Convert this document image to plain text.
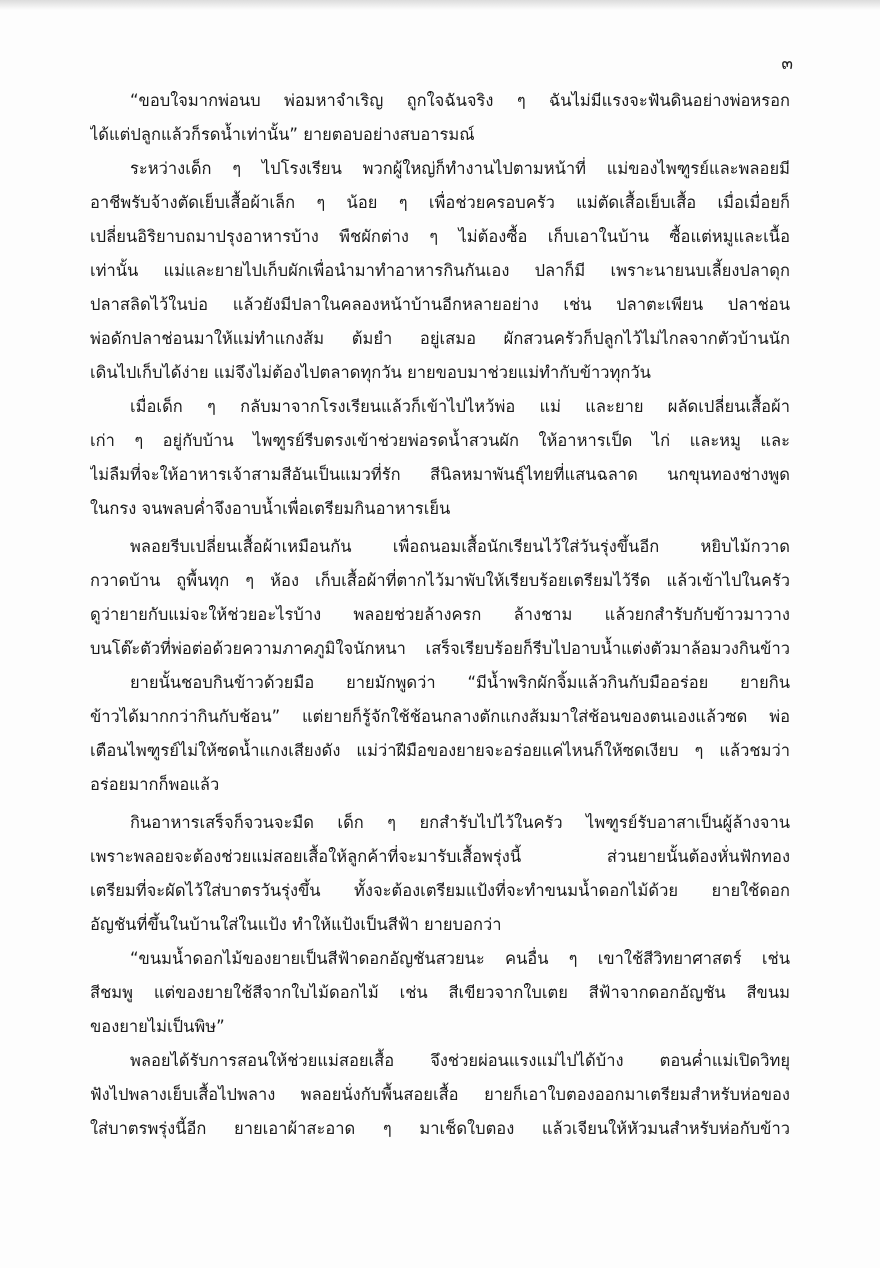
๓
“ขอบใจมากพ่อนบ พ่อมหาจำเริญ ถูกใจฉันจริง ๆ ฉันไม่มีแรงจะฟันดินอย่างพ่อหรอก
ได้แต่ปลูกแล้วก็รดน้ำเท่านั้น” ยายตอบอย่างสบอารมณ์
ระหว่างเด็ก ๆ ไปโรงเรียน พวกผู้ใหญ่ก็ทำงานไปตามหน้าที่ แม่ของไพฑูรย์และพลอยมี
อาชีพรับจ้างตัดเย็บเสื้อผ้าเล็ก ๆ น้อย ๆ เพื่อช่วยครอบครัว แม่ตัดเสื้อเย็บเสื้อ เมื่อเมื่อยก็
เปลี่ยนอิริยาบถมาปรุงอาหารบ้าง พืชผักต่าง ๆ ไม่ต้องซื้อ เก็บเอาในบ้าน ซื้อแต่หมูและเนื้อ
เท่านั้น แม่และยายไปเก็บผักเพื่อนำมาทำอาหารกินกันเอง ปลาก็มี เพราะนายนบเลี้ยงปลาดุก
ปลาสลิดไว้ในบ่อ แล้วยังมีปลาในคลองหน้าบ้านอีกหลายอย่าง เช่น ปลาตะเพียน ปลาช่อน
พ่อดักปลาช่อนมาให้แม่ทำแกงส้ม ต้มยำ อยู่เสมอ ผักสวนครัวก็ปลูกไว้ไม่ไกลจากตัวบ้านนัก
เดินไปเก็บได้ง่าย แม่จึงไม่ต้องไปตลาดทุกวัน ยายขอบมาช่วยแม่ทำกับข้าวทุกวัน
เมื่อเด็ก ๆ กลับมาจากโรงเรียนแล้วก็เข้าไปไหว้พ่อ แม่ และยาย ผลัดเปลี่ยนเสื้อผ้า
เก่า ๆ อยู่กับบ้าน ไพฑูรย์รีบตรงเข้าช่วยพ่อรดน้ำสวนผัก ให้อาหารเป็ด ไก่ และหมู และ
ไม่ลืมที่จะให้อาหารเจ้าสามสีอันเป็นแมวที่รัก สีนิลหมาพันธุ์ไทยที่แสนฉลาด นกขุนทองช่างพูด
ในกรง จนพลบค่ำจึงอาบน้ำเพื่อเตรียมกินอาหารเย็น
พลอยรีบเปลี่ยนเสื้อผ้าเหมือนกัน เพื่อถนอมเสื้อนักเรียนไว้ใส่วันรุ่งขึ้นอีก หยิบไม้กวาด
กวาดบ้าน ถูพื้นทุก ๆ ห้อง เก็บเสื้อผ้าที่ตากไว้มาพับให้เรียบร้อยเตรียมไว้รีด แล้วเข้าไปในครัว
ดูว่ายายกับแม่จะให้ช่วยอะไรบ้าง พลอยช่วยล้างครก ล้างชาม แล้วยกสำรับกับข้าวมาวาง
บนโต๊ะตัวที่พ่อต่อด้วยความภาคภูมิใจนักหนา เสร็จเรียบร้อยก็รีบไปอาบน้ำแต่งตัวมาล้อมวงกินข้าว
ยายนั้นชอบกินข้าวด้วยมือ ยายมักพูดว่า “มีน้ำพริกผักจิ้มแล้วกินกับมืออร่อย ยายกิน
ข้าวได้มากกว่ากินกับช้อน” แต่ยายก็รู้จักใช้ช้อนกลางตักแกงส้มมาใส่ช้อนของตนเองแล้วซด พ่อ
เตือนไพฑูรย์ไม่ให้ซดน้ำแกงเสียงดัง แม่ว่าฝีมือของยายจะอร่อยแค่ไหนก็ให้ซดเงียบ ๆ แล้วชมว่า
อร่อยมากก็พอแล้ว
กินอาหารเสร็จก็จวนจะมืด เด็ก ๆ ยกสำรับไปไว้ในครัว ไพฑูรย์รับอาสาเป็นผู้ล้างจาน
เพราะพลอยจะต้องช่วยแม่สอยเสื้อให้ลูกค้าที่จะมารับเสื้อพรุ่งนี้ ส่วนยายนั้นต้องหั่นฟักทอง
เตรียมที่จะผัดไว้ใส่บาตรวันรุ่งขึ้น ทั้งจะต้องเตรียมแป้งที่จะทำขนมน้ำดอกไม้ด้วย ยายใช้ดอก
อัญชันที่ขึ้นในบ้านใส่ในแป้ง ทำให้แป้งเป็นสีฟ้า ยายบอกว่า
“ขนมน้ำดอกไม้ของยายเป็นสีฟ้าดอกอัญชันสวยนะ คนอื่น ๆ เขาใช้สีวิทยาศาสตร์ เช่น
สีชมพู แต่ของยายใช้สีจากใบไม้ดอกไม้ เช่น สีเขียวจากใบเตย สีฟ้าจากดอกอัญชัน สีขนม
ของยายไม่เป็นพิษ”
พลอยได้รับการสอนให้ช่วยแม่สอยเสื้อ จึงช่วยผ่อนแรงแม่ไปได้บ้าง ตอนค่ำแม่เปิดวิทยุ
ฟังไปพลางเย็บเสื้อไปพลาง พลอยนั่งกับพื้นสอยเสื้อ ยายก็เอาใบตองออกมาเตรียมสำหรับห่อของ
ใส่บาตรพรุ่งนี้อีก ยายเอาผ้าสะอาด ๆ มาเช็ดใบตอง แล้วเจียนให้หัวมนสำหรับห่อกับข้าว
